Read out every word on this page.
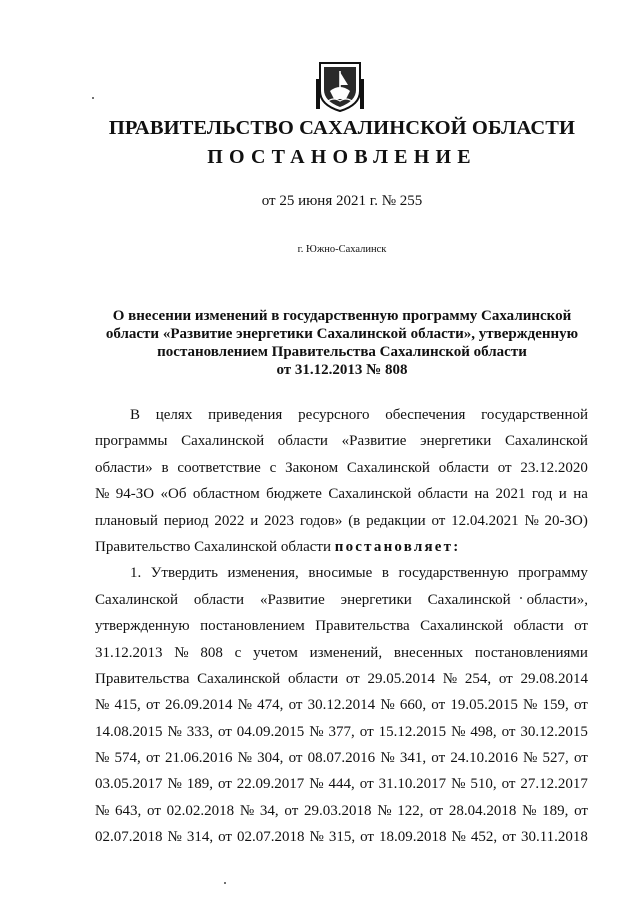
ПРАВИТЕЛЬСТВО САХАЛИНСКОЙ ОБЛАСТИ
ПОСТАНОВЛЕНИЕ
от 25 июня 2021 г. № 255
г. Южно-Сахалинск
О внесении изменений в государственную программу Сахалинской
области «Развитие энергетики Сахалинской области», утвержденную
постановлением Правительства Сахалинской области
от 31.12.2013 № 808
В целях приведения ресурсного обеспечения государственной
программы Сахалинской области «Развитие энергетики Сахалинской
области» в соответствие с Законом Сахалинской области от 23.12.2020
№ 94-ЗО «Об областном бюджете Сахалинской области на 2021 год и на
плановый период 2022 и 2023 годов» (в редакции от 12.04.2021 № 20-ЗО)
Правительство Сахалинской области
постановляет:
1. Утвердить изменения, вносимые в государственную программу
Сахалинской области «Развитие энергетики Сахалинской области»,
утвержденную постановлением Правительства Сахалинской области от
31.12.2013 № 808 с учетом изменений, внесенных постановлениями
Правительства Сахалинской области от 29.05.2014 № 254, от 29.08.2014
№ 415, от 26.09.2014 № 474, от 30.12.2014 № 660, от 19.05.2015 № 159, от
14.08.2015 № 333, от 04.09.2015 № 377, от 15.12.2015 № 498, от 30.12.2015
№ 574, от 21.06.2016 № 304, от 08.07.2016 № 341, от 24.10.2016 № 527, от
03.05.2017 № 189, от 22.09.2017 № 444, от 31.10.2017 № 510, от 27.12.2017
№ 643, от 02.02.2018 № 34, от 29.03.2018 № 122, от 28.04.2018 № 189, от
02.07.2018 № 314, от 02.07.2018 № 315, от 18.09.2018 № 452, от 30.11.2018
